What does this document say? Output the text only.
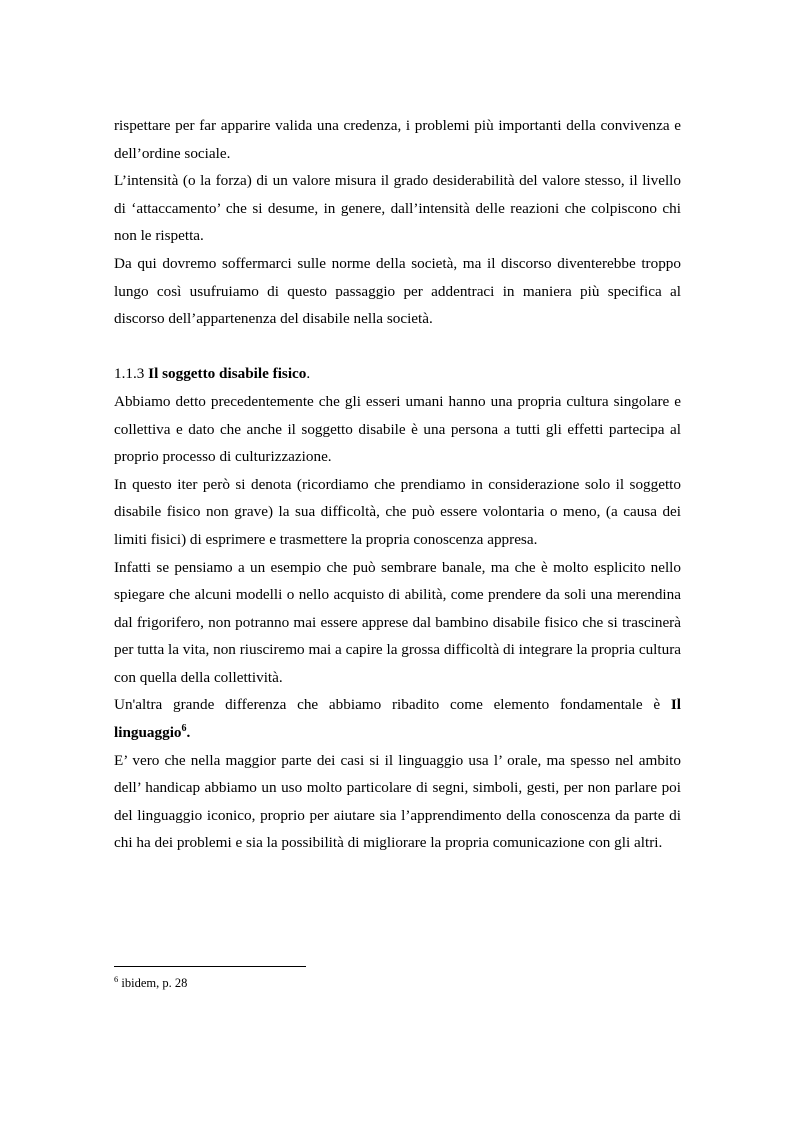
rispettare per far apparire valida una credenza, i problemi più importanti della convivenza e dell’ordine sociale.

L’intensità (o la forza) di un valore misura il grado desiderabilità del valore stesso, il livello di ‘attaccamento’ che si desume, in genere, dall’intensità delle reazioni che colpiscono chi non le rispetta.

Da qui dovremo soffermarci sulle norme della società, ma il discorso diventerebbe troppo lungo così usufruiamo di questo passaggio per addentraci in maniera più specifica al discorso dell’appartenenza del disabile nella società.

1.1.3 Il soggetto disabile fisico.

Abbiamo detto precedentemente che gli esseri umani hanno una propria cultura singolare e collettiva e dato che anche il soggetto disabile è una persona a tutti gli effetti partecipa al proprio processo di culturizzazione.

In questo iter però si denota (ricordiamo che prendiamo in considerazione solo il soggetto disabile fisico non grave) la sua difficoltà, che può essere volontaria o meno, (a causa dei limiti fisici) di esprimere e trasmettere la propria conoscenza appresa.

Infatti se pensiamo a un esempio che può sembrare banale, ma che è molto esplicito nello spiegare che alcuni modelli o nello acquisto di abilità, come prendere da soli una merendina dal frigorifero, non potranno mai essere apprese dal bambino disabile fisico che si trascinerà per tutta la vita, non riusciremo mai a capire la grossa difficoltà di integrare la propria cultura con quella della collettività.

Un'altra grande differenza che abbiamo ribadito come elemento fondamentale è Il linguaggio$^6$.

E’ vero che nella maggior parte dei casi si il linguaggio usa l’ orale, ma spesso nel ambito dell’ handicap abbiamo un uso molto particolare di segni, simboli, gesti, per non parlare poi del linguaggio iconico, proprio per aiutare sia l’apprendimento della conoscenza da parte di chi ha dei problemi e sia la possibilità di migliorare la propria comunicazione con gli altri.

$^6$ ibidem, p. 28
